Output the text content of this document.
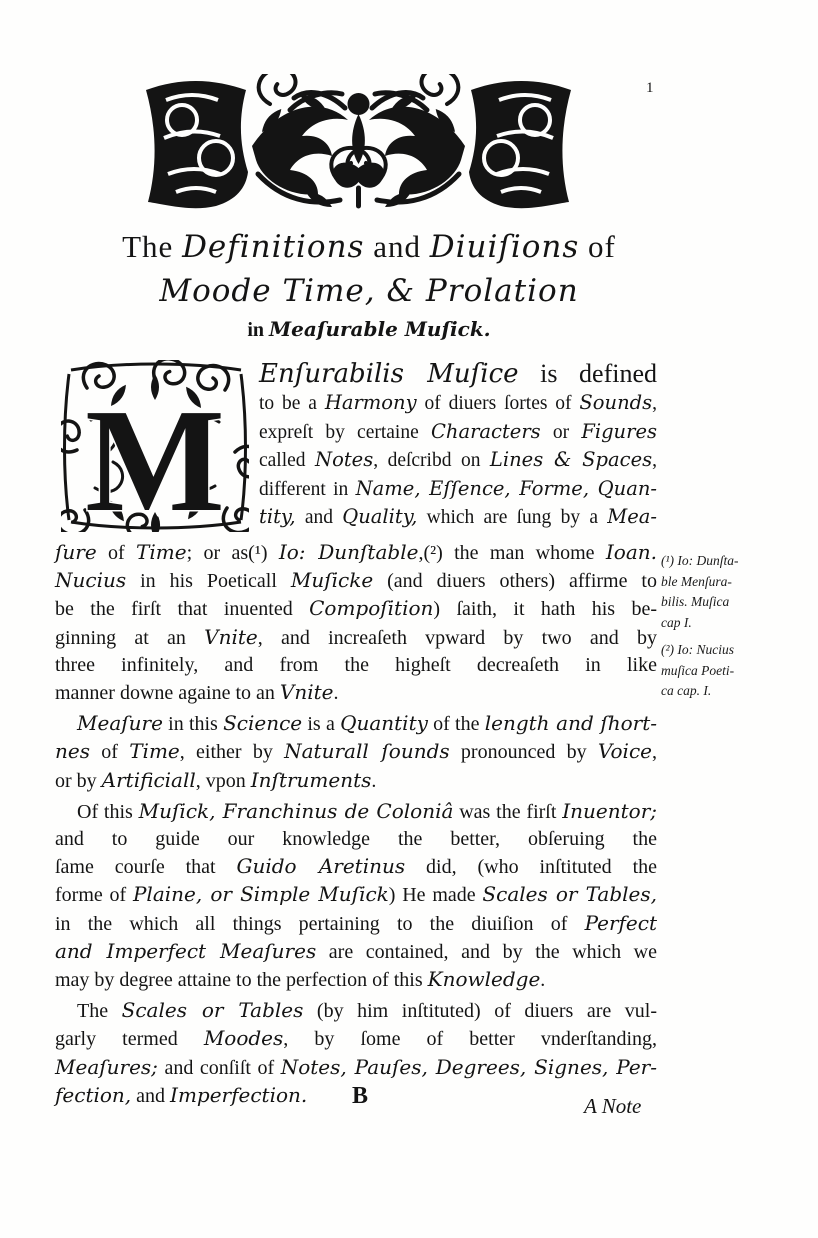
1
The Definitions and Diuiſions of
Moode Time, & Prolation
in Meaſurable Muſick.
M
Enſurabilis Muſice is defined
to be a Harmony of diuers ſortes of Sounds,
expreſt by certaine Characters or Figures
called Notes, deſcribd on Lines & Spaces,
different in Name, Eſſence, Forme, Quan-
tity, and Quality, which are ſung by a Mea-
ſure of Time; or as(¹) Io: Dunſtable,(²) the man whome Ioan.
Nucius in his Poeticall Muſicke (and diuers others) affirme to
be the firſt that inuented Compoſition) ſaith, it hath his be-
ginning at an Vnite, and increaſeth vpward by two and by
three infinitely, and from the higheſt decreaſeth in like
manner downe againe to an Vnite.
Meaſure in this Science is a Quantity of the length and ſhort-
nes of Time, either by Naturall ſounds pronounced by Voice,
or by Artificiall, vpon Inſtruments.
Of this Muſick, Franchinus de Coloniâ was the firſt Inuentor;
and to guide our knowledge the better, obſeruing the
ſame courſe that Guido Aretinus did, (who inſtituted the
forme of Plaine, or Simple Muſick) He made Scales or Tables,
in the which all things pertaining to the diuiſion of Perfect
and Imperfect Meaſures are contained, and by the which we
may by degree attaine to the perfection of this Knowledge.
The Scales or Tables (by him inſtituted) of diuers are vul-
garly termed Moodes, by ſome of better vnderſtanding,
Meaſures; and conſiſt of Notes, Pauſes, Degrees, Signes, Per-
fection, and Imperfection.
(¹) Io: Dunſta-
ble Menſura-
bilis. Muſica
cap I.
(²) Io: Nucius
muſica Poeti-
ca cap. I.
B	A Note
